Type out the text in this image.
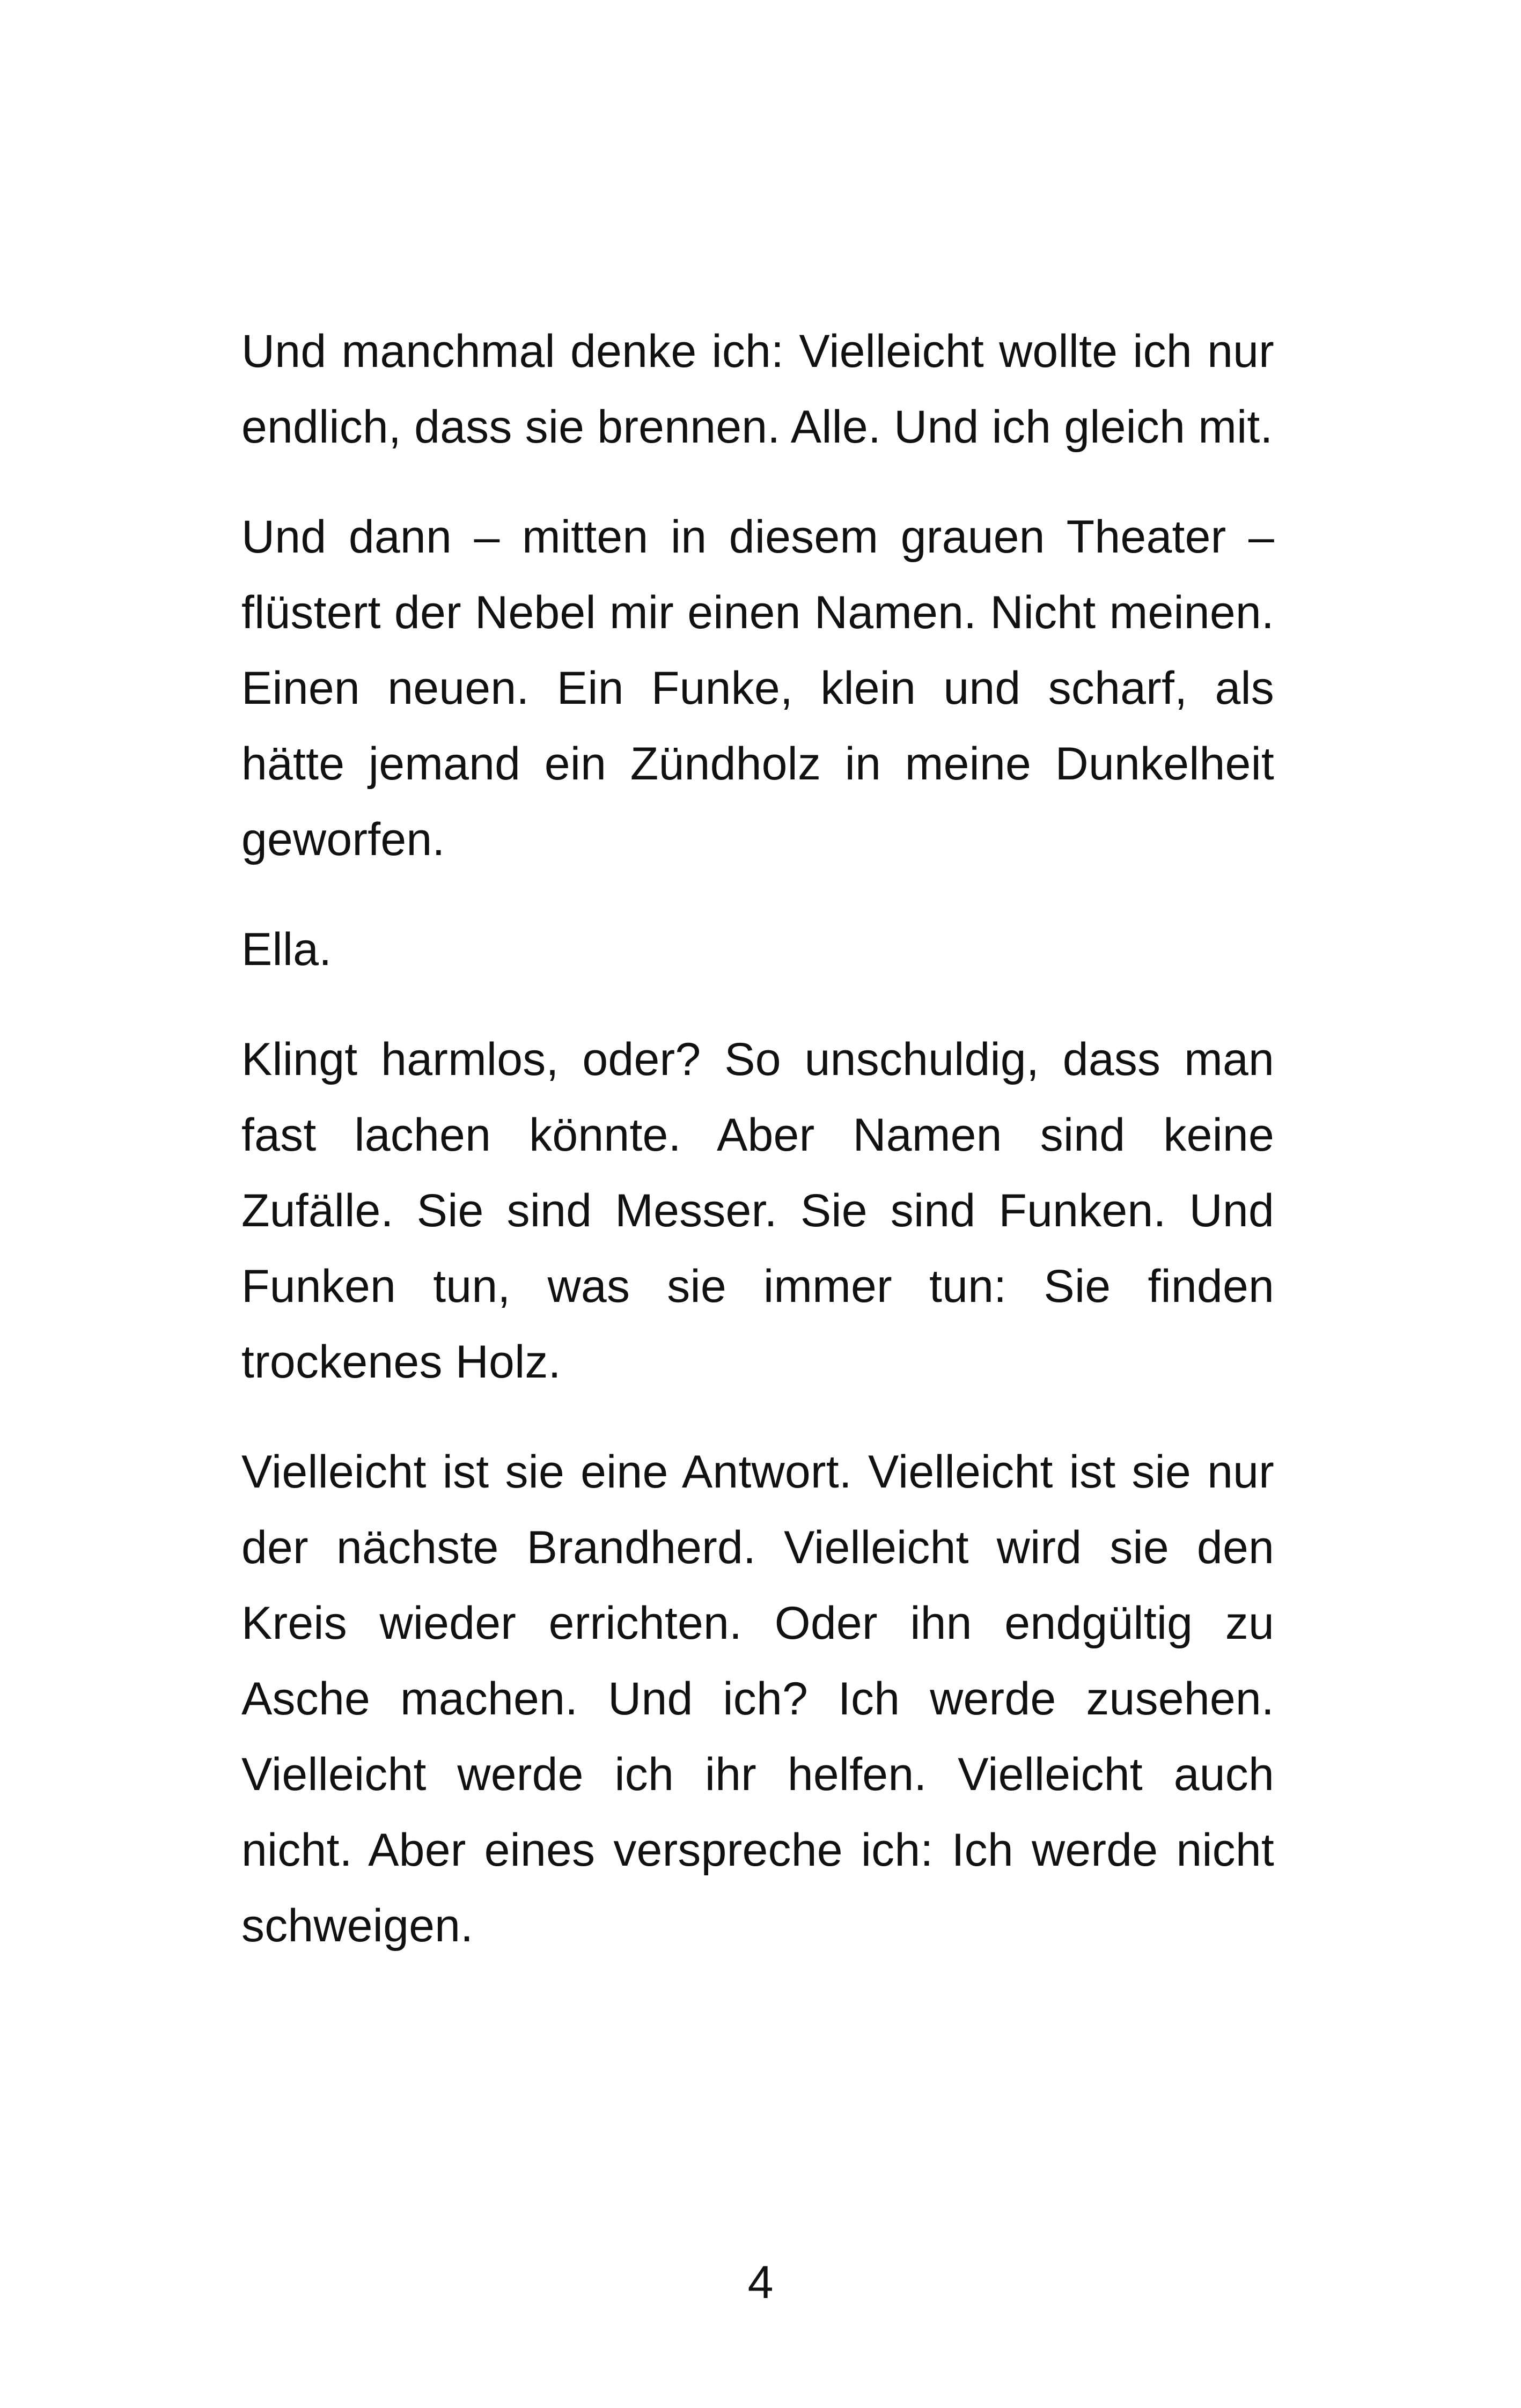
Und manchmal denke ich: Vielleicht wollte ich nur endlich, dass sie brennen. Alle. Und ich gleich mit.

Und dann – mitten in diesem grauen Theater – flüstert der Nebel mir einen Namen. Nicht meinen. Einen neuen. Ein Funke, klein und scharf, als hätte jemand ein Zündholz in meine Dunkelheit geworfen.

Ella.

Klingt harmlos, oder? So unschuldig, dass man fast lachen könnte. Aber Namen sind keine Zufälle. Sie sind Messer. Sie sind Funken. Und Funken tun, was sie immer tun: Sie finden trockenes Holz.

Vielleicht ist sie eine Antwort. Vielleicht ist sie nur der nächste Brandherd. Vielleicht wird sie den Kreis wieder errichten. Oder ihn endgültig zu Asche machen. Und ich? Ich werde zusehen. Vielleicht werde ich ihr helfen. Vielleicht auch nicht. Aber eines verspreche ich: Ich werde nicht schweigen.

4
